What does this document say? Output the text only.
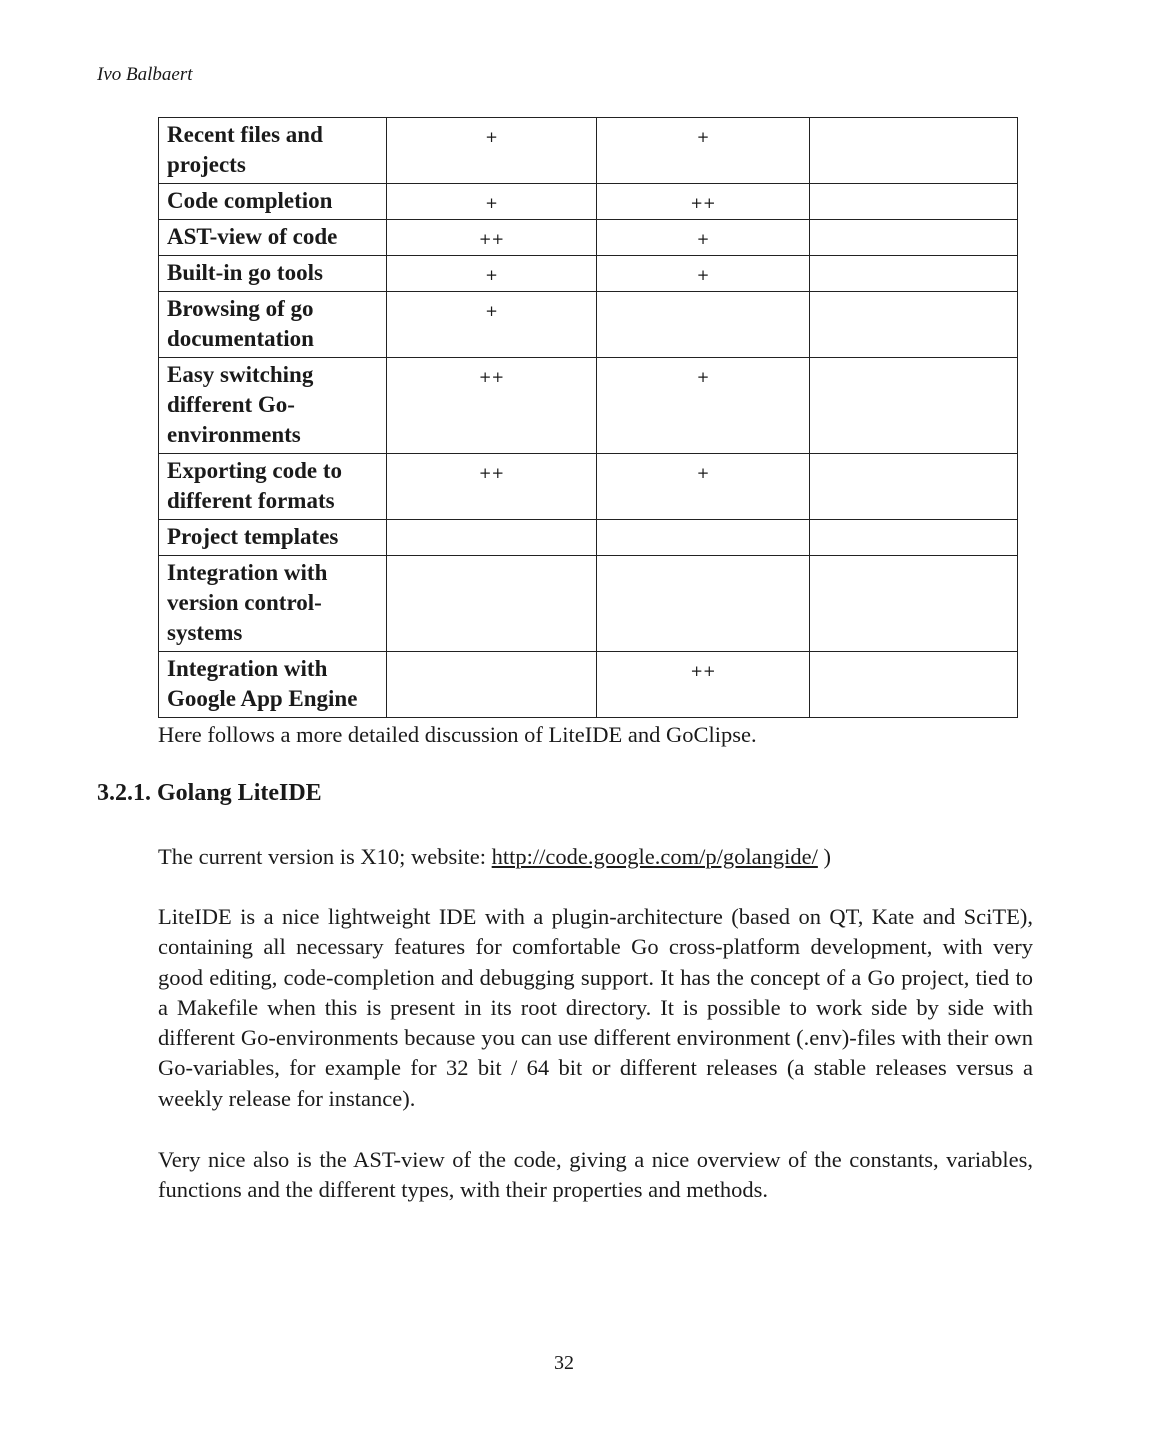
Ivo Balbaert
Recent files and projects	+	+	
Code completion	+	++	
AST-view of code	++	+	
Built-in go tools	+	+	
Browsing of go documentation	+		
Easy switching different Go-environments	++	+	
Exporting code to different formats	++	+	
Project templates			
Integration with version control-systems			
Integration with Google App Engine		++	
Here follows a more detailed discussion of LiteIDE and GoClipse.
3.2.1. Golang LiteIDE
The current version is X10; website: http://code.google.com/p/golangide/ )
LiteIDE is a nice lightweight IDE with a plugin-architecture (based on QT, Kate and SciTE), containing all necessary features for comfortable Go cross-platform development, with very good editing, code-completion and debugging support. It has the concept of a Go project, tied to a Makefile when this is present in its root directory. It is possible to work side by side with different Go-environments because you can use different environment (.env)-files with their own Go-variables, for example for 32 bit / 64 bit or different releases (a stable releases versus a weekly release for instance).
Very nice also is the AST-view of the code, giving a nice overview of the constants, variables, functions and the different types, with their properties and methods.
32
